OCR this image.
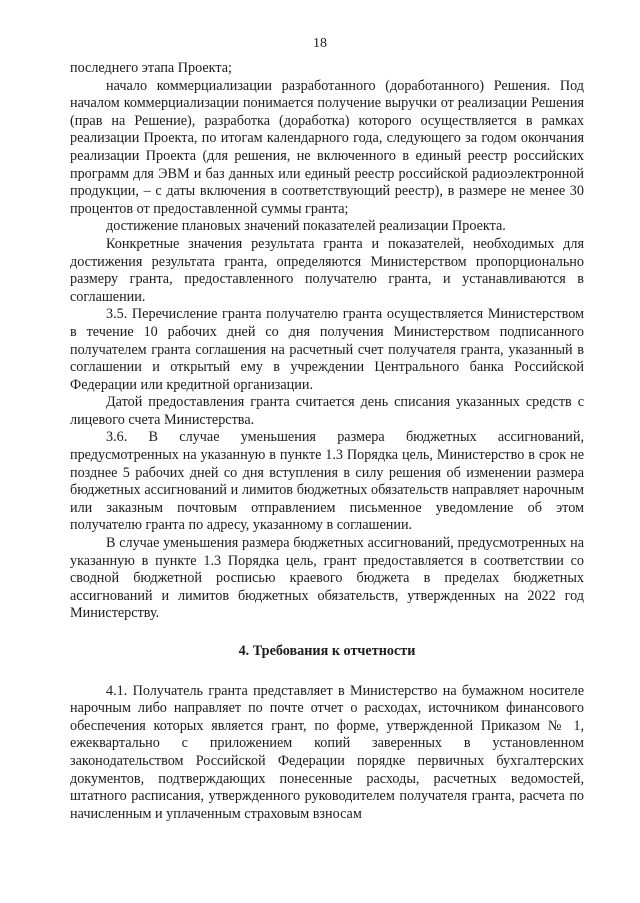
18

последнего этапа Проекта;

начало коммерциализации разработанного (доработанного) Решения. Под началом коммерциализации понимается получение выручки от реализации Решения (прав на Решение), разработка (доработка) которого осуществляется в рамках реализации Проекта, по итогам календарного года, следующего за годом окончания реализации Проекта (для решения, не включенного в единый реестр российских программ для ЭВМ и баз данных или единый реестр российской радиоэлектронной продукции, – с даты включения в соответствующий реестр), в размере не менее 30 процентов от предоставленной суммы гранта;

достижение плановых значений показателей реализации Проекта.

Конкретные значения результата гранта и показателей, необходимых для достижения результата гранта, определяются Министерством пропорционально размеру гранта, предоставленного получателю гранта, и устанавливаются в соглашении.

3.5. Перечисление гранта получателю гранта осуществляется Министерством в течение 10 рабочих дней со дня получения Министерством подписанного получателем гранта соглашения на расчетный счет получателя гранта, указанный в соглашении и открытый ему в учреждении Центрального банка Российской Федерации или кредитной организации.

Датой предоставления гранта считается день списания указанных средств с лицевого счета Министерства.

3.6. В случае уменьшения размера бюджетных ассигнований, предусмотренных на указанную в пункте 1.3 Порядка цель, Министерство в срок не позднее 5 рабочих дней со дня вступления в силу решения об изменении размера бюджетных ассигнований и лимитов бюджетных обязательств направляет нарочным или заказным почтовым отправлением письменное уведомление об этом получателю гранта по адресу, указанному в соглашении.

В случае уменьшения размера бюджетных ассигнований, предусмотренных на указанную в пункте 1.3 Порядка цель, грант предоставляется в соответствии со сводной бюджетной росписью краевого бюджета в пределах бюджетных ассигнований и лимитов бюджетных обязательств, утвержденных на 2022 год Министерству.

4. Требования к отчетности

4.1. Получатель гранта представляет в Министерство на бумажном носителе нарочным либо направляет по почте отчет о расходах, источником финансового обеспечения которых является грант, по форме, утвержденной Приказом № 1, ежеквартально с приложением копий заверенных в установленном законодательством Российской Федерации порядке первичных бухгалтерских документов, подтверждающих понесенные расходы, расчетных ведомостей, штатного расписания, утвержденного руководителем получателя гранта, расчета по начисленным и уплаченным страховым взносам
